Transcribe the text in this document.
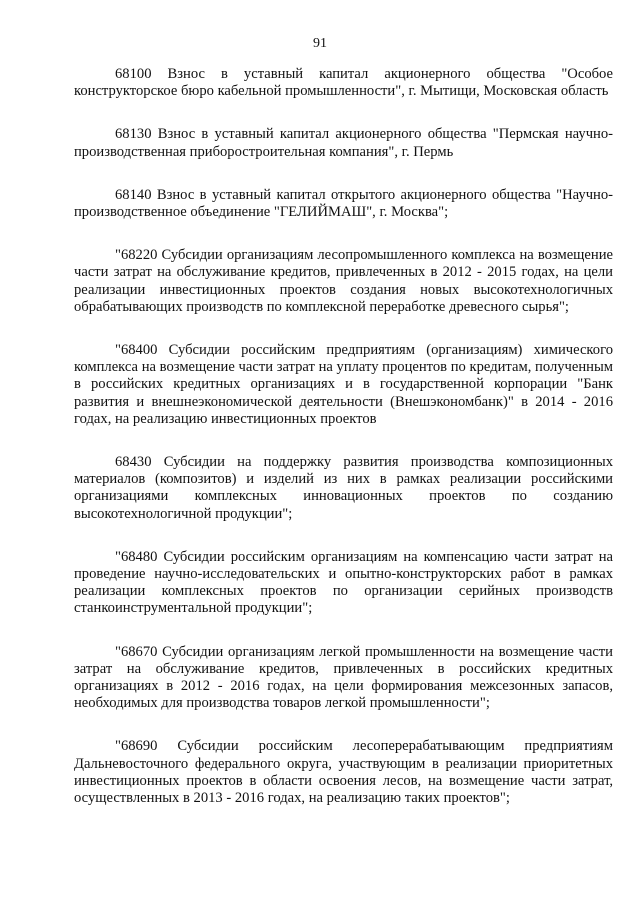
91

68100 Взнос в уставный капитал акционерного общества "Особое конструкторское бюро кабельной промышленности", г. Мытищи, Московская область

68130 Взнос в уставный капитал акционерного общества "Пермская научно-производственная приборостроительная компания", г. Пермь

68140 Взнос в уставный капитал открытого акционерного общества "Научно-производственное объединение "ГЕЛИЙМАШ", г. Москва";

"68220 Субсидии организациям лесопромышленного комплекса на возмещение части затрат на обслуживание кредитов, привлеченных в 2012 - 2015 годах, на цели реализации инвестиционных проектов создания новых высокотехнологичных обрабатывающих производств по комплексной переработке древесного сырья";

"68400 Субсидии российским предприятиям (организациям) химического комплекса на возмещение части затрат на уплату процентов по кредитам, полученным в российских кредитных организациях и в государственной корпорации "Банк развития и внешнеэкономической деятельности (Внешэкономбанк)" в 2014 - 2016 годах, на реализацию инвестиционных проектов

68430 Субсидии на поддержку развития производства композиционных материалов (композитов) и изделий из них в рамках реализации российскими организациями комплексных инновационных проектов по созданию высокотехнологичной продукции";

"68480 Субсидии российским организациям на компенсацию части затрат на проведение научно-исследовательских и опытно-конструкторских работ в рамках реализации комплексных проектов по организации серийных производств станкоинструментальной продукции";

"68670 Субсидии организациям легкой промышленности на возмещение части затрат на обслуживание кредитов, привлеченных в российских кредитных организациях в 2012 - 2016 годах, на цели формирования межсезонных запасов, необходимых для производства товаров легкой промышленности";

"68690 Субсидии российским лесоперерабатывающим предприятиям Дальневосточного федерального округа, участвующим в реализации приоритетных инвестиционных проектов в области освоения лесов, на возмещение части затрат, осуществленных в 2013 - 2016 годах, на реализацию таких проектов";
